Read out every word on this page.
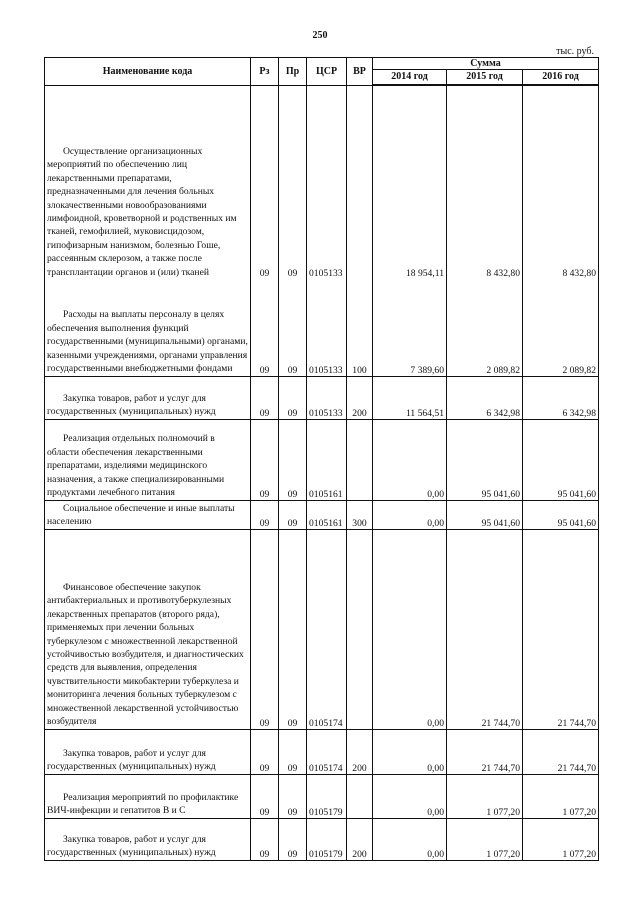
250
тыс. руб.
Наименование кода	Рз	Пр	ЦСР	ВР	Сумма		
					2014 год	2015 год	2016 год

Осуществление организационных мероприятий по обеспечению лиц лекарственными препаратами, предназначенными для лечения больных злокачественными новообразованиями лимфоидной, кроветворной и родственных им тканей, гемофилией, муковисцидозом, гипофизарным нанизмом, болезнью Гоше, рассеянным склерозом, а также после трансплантации органов и (или) тканей	09	09	0105133		18 954,11	8 432,80	8 432,80

Расходы на выплаты персоналу в целях обеспечения выполнения функций государственными (муниципальными) органами, казенными учреждениями, органами управления государственными внебюджетными фондами	09	09	0105133	100	7 389,60	2 089,82	2 089,82

Закупка товаров, работ и услуг для государственных (муниципальных) нужд	09	09	0105133	200	11 564,51	6 342,98	6 342,98

Реализация отдельных полномочий в области обеспечения лекарственными препаратами, изделиями медицинского назначения, а также специализированными продуктами лечебного питания	09	09	0105161		0,00	95 041,60	95 041,60

Социальное обеспечение и иные выплаты населению	09	09	0105161	300	0,00	95 041,60	95 041,60

Финансовое обеспечение закупок антибактериальных и противотуберкулезных лекарственных препаратов (второго ряда), применяемых при лечении больных туберкулезом с множественной лекарственной устойчивостью возбудителя, и диагностических средств для выявления, определения чувствительности микобактерии туберкулеза и мониторинга лечения больных туберкулезом с множественной лекарственной устойчивостью возбудителя	09	09	0105174		0,00	21 744,70	21 744,70

Закупка товаров, работ и услуг для государственных (муниципальных) нужд	09	09	0105174	200	0,00	21 744,70	21 744,70

Реализация мероприятий по профилактике ВИЧ-инфекции и гепатитов В и С	09	09	0105179		0,00	1 077,20	1 077,20

Закупка товаров, работ и услуг для государственных (муниципальных) нужд	09	09	0105179	200	0,00	1 077,20	1 077,20
